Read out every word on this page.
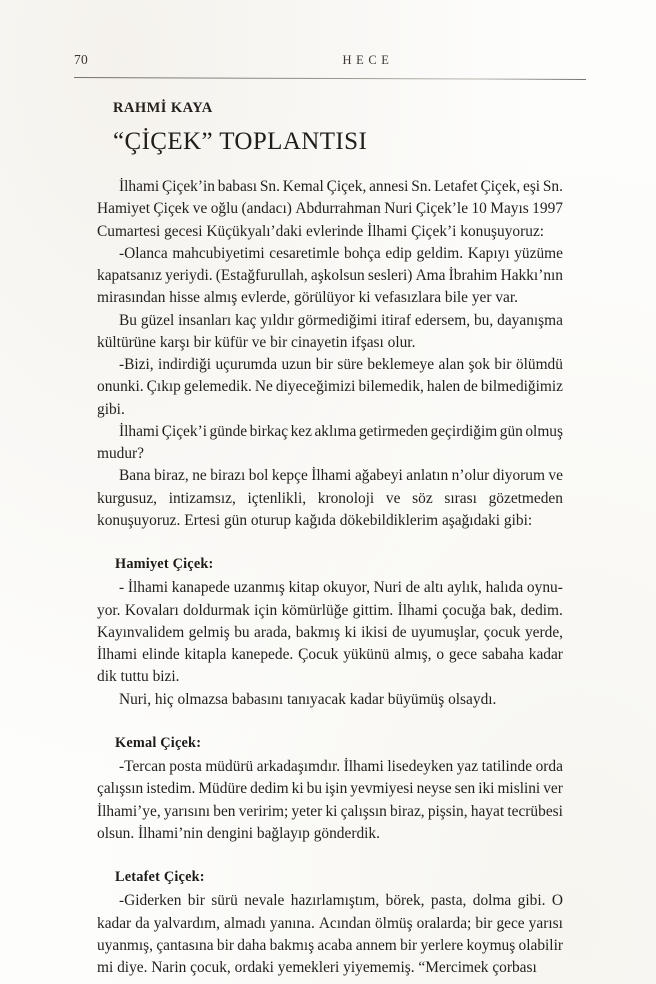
70	HECE
RAHMİ KAYA
“ÇİÇEK” TOPLANTISI
İlhami Çiçek’in babası Sn. Kemal Çiçek, annesi Sn. Letafet Çiçek, eşi Sn.
Hamiyet Çiçek ve oğlu (andacı) Abdurrahman Nuri Çiçek’le 10 Mayıs 1997
Cumartesi gecesi Küçükyalı’daki evlerinde İlhami Çiçek’i konuşuyoruz:
-Olanca mahcubiyetimi cesaretimle bohça edip geldim. Kapıyı yüzüme
kapatsanız yeriydi. (Estağfurullah, aşkolsun sesleri) Ama İbrahim Hakkı’nın
mirasından hisse almış evlerde, görülüyor ki vefasızlara bile yer var.
Bu güzel insanları kaç yıldır görmediğimi itiraf edersem, bu, dayanışma
kültürüne karşı bir küfür ve bir cinayetin ifşası olur.
-Bizi, indirdiği uçurumda uzun bir süre beklemeye alan şok bir ölümdü
onunki. Çıkıp gelemedik. Ne diyeceğimizi bilemedik, halen de bilmediğimiz
gibi.
İlhami Çiçek’i günde birkaç kez aklıma getirmeden geçirdiğim gün olmuş
mudur?
Bana biraz, ne birazı bol kepçe İlhami ağabeyi anlatın n’olur diyorum ve
kurgusuz, intizamsız, içtenlikli, kronoloji ve söz sırası gözetmeden
konuşuyoruz. Ertesi gün oturup kağıda dökebildiklerim aşağıdaki gibi:
Hamiyet Çiçek:
- İlhami kanapede uzanmış kitap okuyor, Nuri de altı aylık, halıda oynu-
yor. Kovaları doldurmak için kömürlüğe gittim. İlhami çocuğa bak, dedim.
Kayınvalidem gelmiş bu arada, bakmış ki ikisi de uyumuşlar, çocuk yerde,
İlhami elinde kitapla kanepede. Çocuk yükünü almış, o gece sabaha kadar
dik tuttu bizi.
Nuri, hiç olmazsa babasını tanıyacak kadar büyümüş olsaydı.
Kemal Çiçek:
-Tercan posta müdürü arkadaşımdır. İlhami lisedeyken yaz tatilinde orda
çalışsın istedim. Müdüre dedim ki bu işin yevmiyesi neyse sen iki mislini ver
İlhami’ye, yarısını ben veririm; yeter ki çalışsın biraz, pişsin, hayat tecrübesi
olsun. İlhami’nin dengini bağlayıp gönderdik.
Letafet Çiçek:
-Giderken bir sürü nevale hazırlamıştım, börek, pasta, dolma gibi. O
kadar da yalvardım, almadı yanına. Acından ölmüş oralarda; bir gece yarısı
uyanmış, çantasına bir daha bakmış acaba annem bir yerlere koymuş olabilir
mi diye. Narin çocuk, ordaki yemekleri yiyememiş. “Mercimek çorbası
